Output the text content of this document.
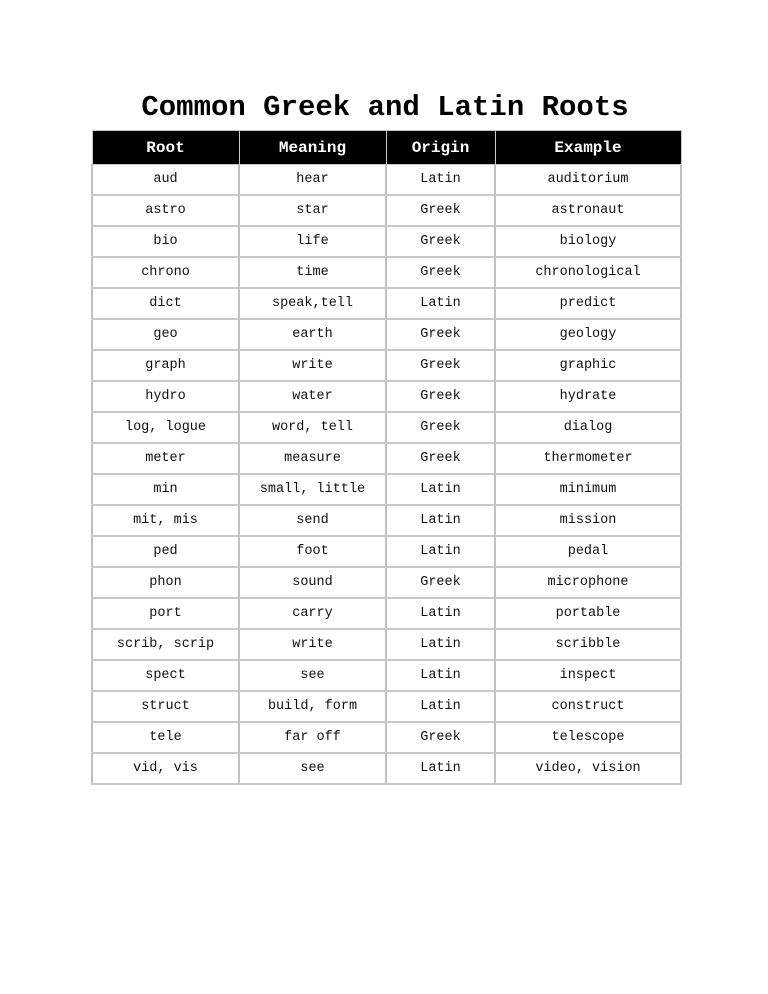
Common Greek and Latin Roots
Root	Meaning	Origin	Example
aud	hear	Latin	auditorium
astro	star	Greek	astronaut
bio	life	Greek	biology
chrono	time	Greek	chronological
dict	speak,tell	Latin	predict
geo	earth	Greek	geology
graph	write	Greek	graphic
hydro	water	Greek	hydrate
log, logue	word, tell	Greek	dialog
meter	measure	Greek	thermometer
min	small, little	Latin	minimum
mit, mis	send	Latin	mission
ped	foot	Latin	pedal
phon	sound	Greek	microphone
port	carry	Latin	portable
scrib, scrip	write	Latin	scribble
spect	see	Latin	inspect
struct	build, form	Latin	construct
tele	far off	Greek	telescope
vid, vis	see	Latin	video, vision
